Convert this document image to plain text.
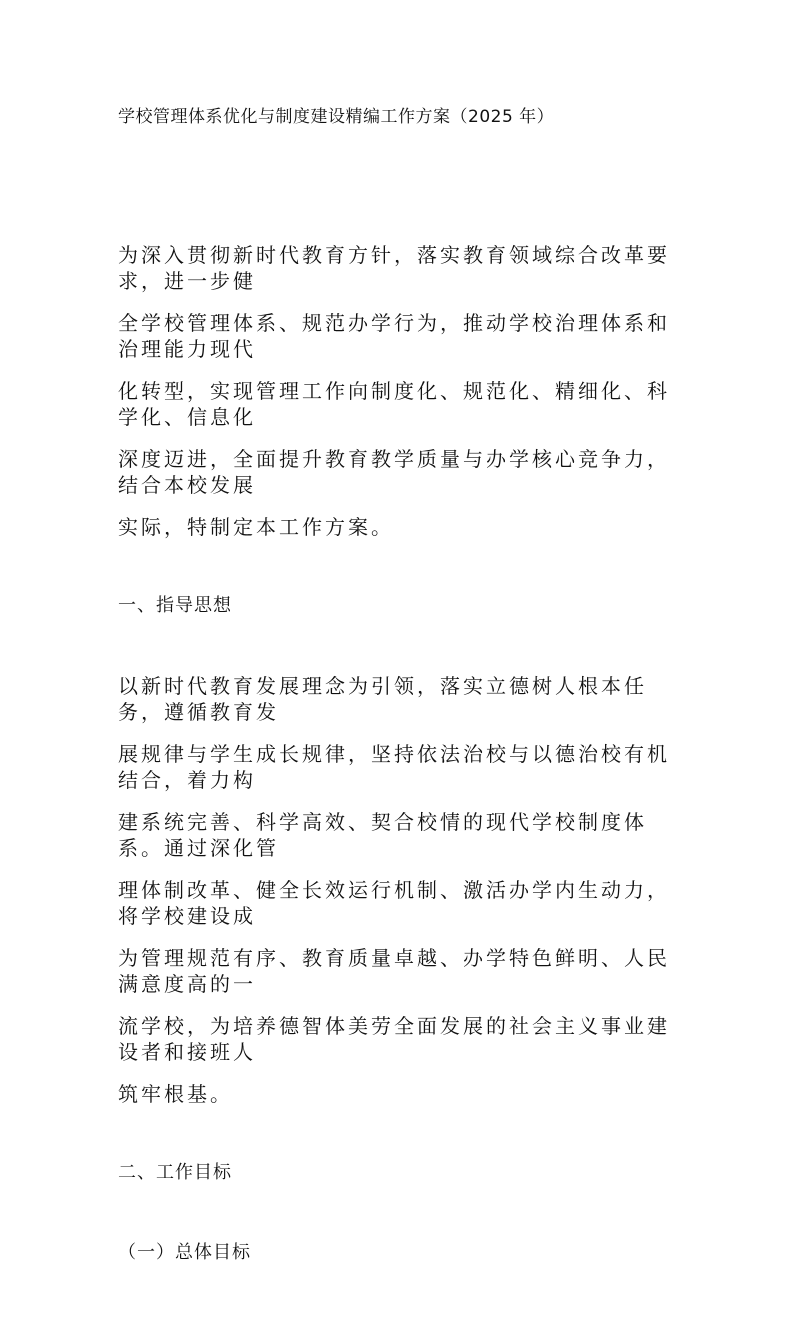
学校管理体系优化与制度建设精编工作方案（2025 年）
为深入贯彻新时代教育方针，落实教育领域综合改革要求，进一步健
全学校管理体系、规范办学行为，推动学校治理体系和治理能力现代
化转型，实现管理工作向制度化、规范化、精细化、科学化、信息化
深度迈进，全面提升教育教学质量与办学核心竞争力，结合本校发展
实际，特制定本工作方案。
一、指导思想
以新时代教育发展理念为引领，落实立德树人根本任务，遵循教育发
展规律与学生成长规律，坚持依法治校与以德治校有机结合，着力构
建系统完善、科学高效、契合校情的现代学校制度体系。通过深化管
理体制改革、健全长效运行机制、激活办学内生动力，将学校建设成
为管理规范有序、教育质量卓越、办学特色鲜明、人民满意度高的一
流学校，为培养德智体美劳全面发展的社会主义事业建设者和接班人
筑牢根基。
二、工作目标
（一）总体目标
